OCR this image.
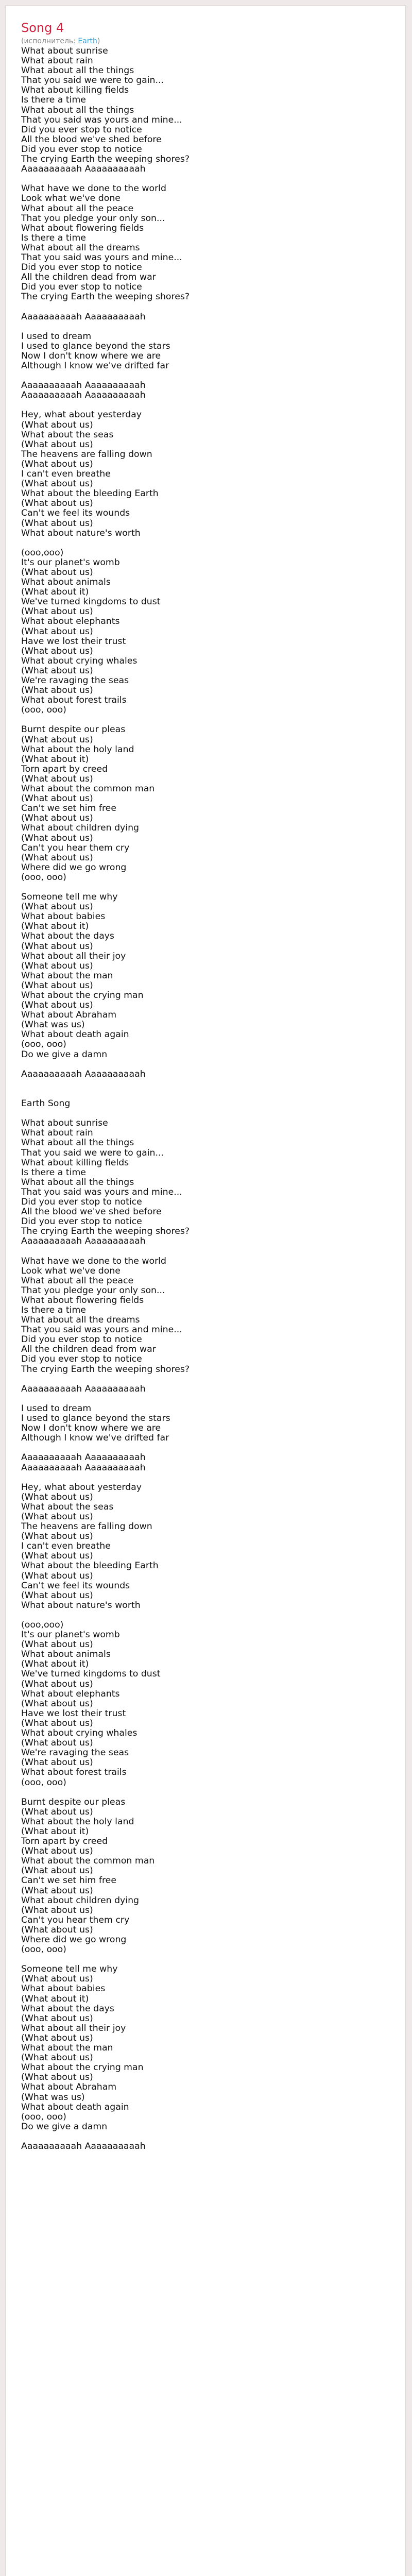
Song 4
(исполнитель: Earth)
What about sunrise
What about rain
What about all the things
That you said we were to gain...
What about killing fields
Is there a time
What about all the things
That you said was yours and mine...
Did you ever stop to notice
All the blood we've shed before
Did you ever stop to notice
The crying Earth the weeping shores?
Aaaaaaaaaah Aaaaaaaaaah

What have we done to the world
Look what we've done
What about all the peace
That you pledge your only son...
What about flowering fields
Is there a time
What about all the dreams
That you said was yours and mine...
Did you ever stop to notice
All the children dead from war
Did you ever stop to notice
The crying Earth the weeping shores?

Aaaaaaaaaah Aaaaaaaaaah

I used to dream
I used to glance beyond the stars
Now I don't know where we are
Although I know we've drifted far

Aaaaaaaaaah Aaaaaaaaaah
Aaaaaaaaaah Aaaaaaaaaah

Hey, what about yesterday
(What about us)
What about the seas
(What about us)
The heavens are falling down
(What about us)
I can't even breathe
(What about us)
What about the bleeding Earth
(What about us)
Can't we feel its wounds
(What about us)
What about nature's worth

(ooo,ooo)
It's our planet's womb
(What about us)
What about animals
(What about it)
We've turned kingdoms to dust
(What about us)
What about elephants
(What about us)
Have we lost their trust
(What about us)
What about crying whales
(What about us)
We're ravaging the seas
(What about us)
What about forest trails
(ooo, ooo)

Burnt despite our pleas
(What about us)
What about the holy land
(What about it)
Torn apart by creed
(What about us)
What about the common man
(What about us)
Can't we set him free
(What about us)
What about children dying
(What about us)
Can't you hear them cry
(What about us)
Where did we go wrong
(ooo, ooo)

Someone tell me why
(What about us)
What about babies
(What about it)
What about the days
(What about us)
What about all their joy
(What about us)
What about the man
(What about us)
What about the crying man
(What about us)
What about Abraham
(What was us)
What about death again
(ooo, ooo)
Do we give a damn

Aaaaaaaaaah Aaaaaaaaaah

Earth Song

What about sunrise
What about rain
What about all the things
That you said we were to gain...
What about killing fields
Is there a time
What about all the things
That you said was yours and mine...
Did you ever stop to notice
All the blood we've shed before
Did you ever stop to notice
The crying Earth the weeping shores?
Aaaaaaaaaah Aaaaaaaaaah

What have we done to the world
Look what we've done
What about all the peace
That you pledge your only son...
What about flowering fields
Is there a time
What about all the dreams
That you said was yours and mine...
Did you ever stop to notice
All the children dead from war
Did you ever stop to notice
The crying Earth the weeping shores?

Aaaaaaaaaah Aaaaaaaaaah

I used to dream
I used to glance beyond the stars
Now I don't know where we are
Although I know we've drifted far

Aaaaaaaaaah Aaaaaaaaaah
Aaaaaaaaaah Aaaaaaaaaah

Hey, what about yesterday
(What about us)
What about the seas
(What about us)
The heavens are falling down
(What about us)
I can't even breathe
(What about us)
What about the bleeding Earth
(What about us)
Can't we feel its wounds
(What about us)
What about nature's worth

(ooo,ooo)
It's our planet's womb
(What about us)
What about animals
(What about it)
We've turned kingdoms to dust
(What about us)
What about elephants
(What about us)
Have we lost their trust
(What about us)
What about crying whales
(What about us)
We're ravaging the seas
(What about us)
What about forest trails
(ooo, ooo)

Burnt despite our pleas
(What about us)
What about the holy land
(What about it)
Torn apart by creed
(What about us)
What about the common man
(What about us)
Can't we set him free
(What about us)
What about children dying
(What about us)
Can't you hear them cry
(What about us)
Where did we go wrong
(ooo, ooo)

Someone tell me why
(What about us)
What about babies
(What about it)
What about the days
(What about us)
What about all their joy
(What about us)
What about the man
(What about us)
What about the crying man
(What about us)
What about Abraham
(What was us)
What about death again
(ooo, ooo)
Do we give a damn

Aaaaaaaaaah Aaaaaaaaaah
